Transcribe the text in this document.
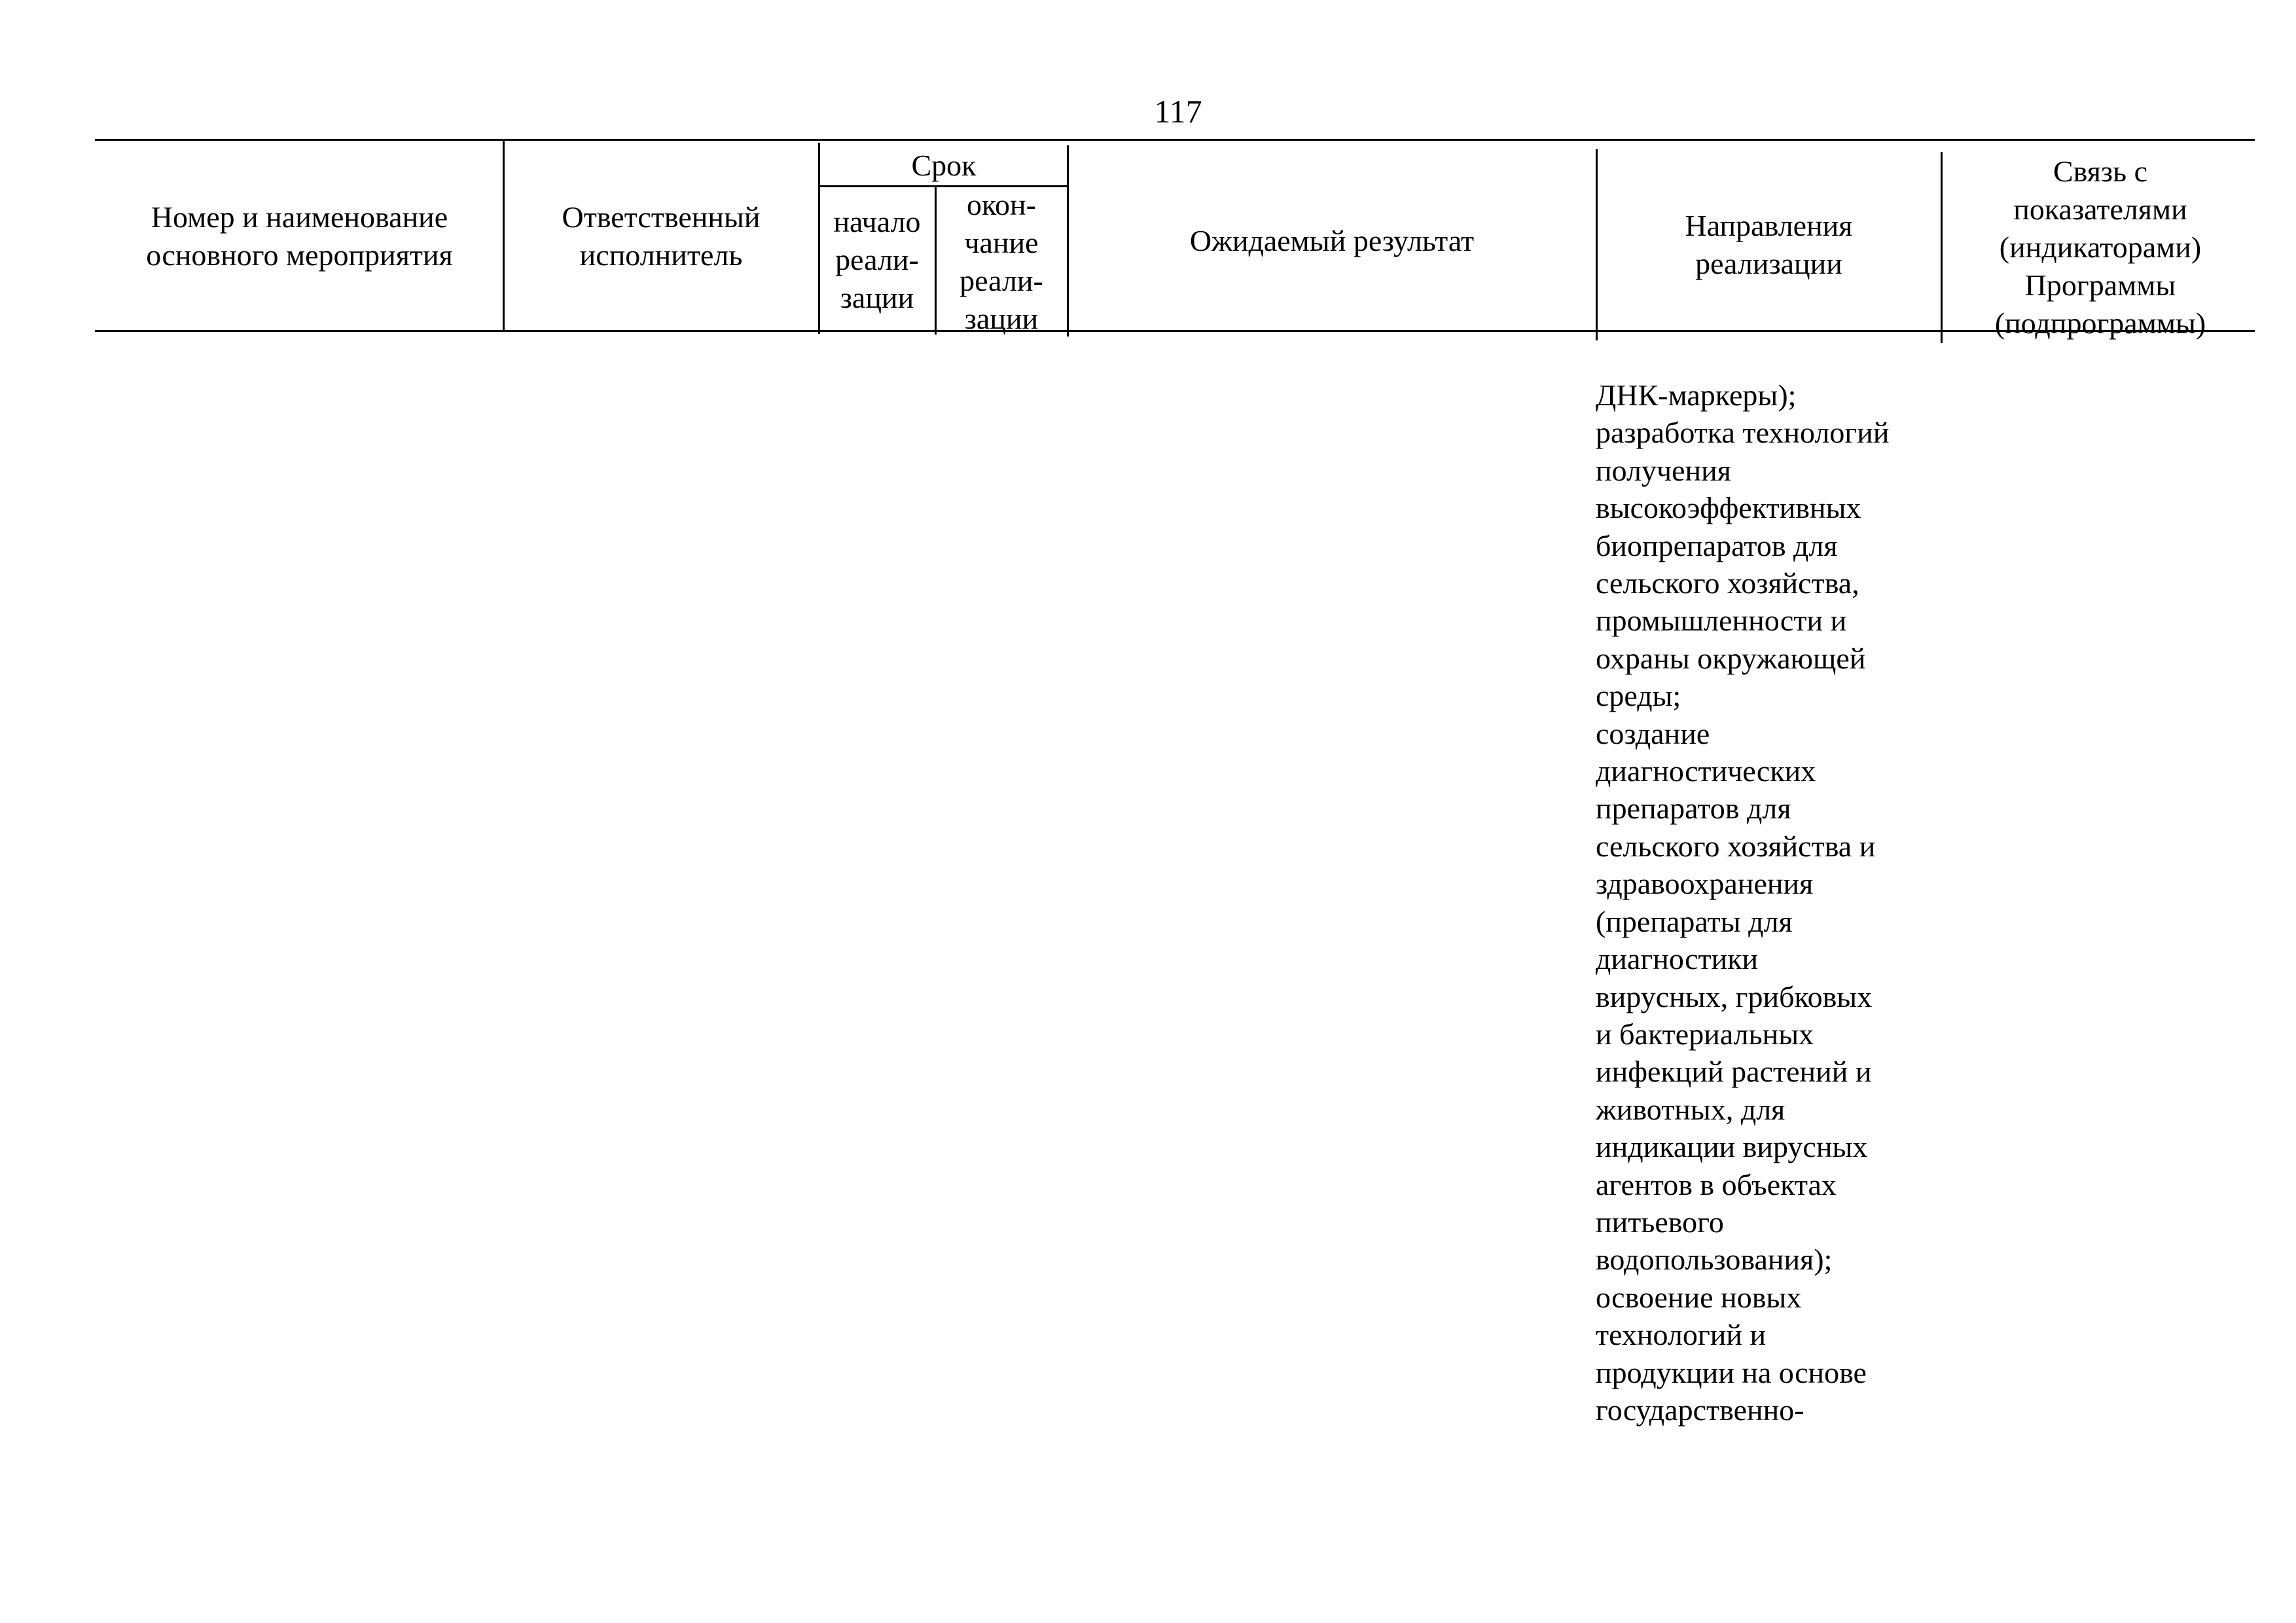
117
Номер и наименование
основного мероприятия
Ответственный
исполнитель
Срок
начало
реали-
зации
окон-
чание
реали-
зации
Ожидаемый результат	Направления
реализации
Связь с
показателями
(индикаторами)
Программы
(подпрограммы)
ДНК-маркеры);
разработка технологий
получения
высокоэффективных
биопрепаратов для
сельского хозяйства,
промышленности и
охраны окружающей
среды;
создание
диагностических
препаратов для
сельского хозяйства и
здравоохранения
(препараты для
диагностики
вирусных, грибковых
и бактериальных
инфекций растений и
животных, для
индикации вирусных
агентов в объектах
питьевого
водопользования);
освоение новых
технологий и
продукции на основе
государственно-
